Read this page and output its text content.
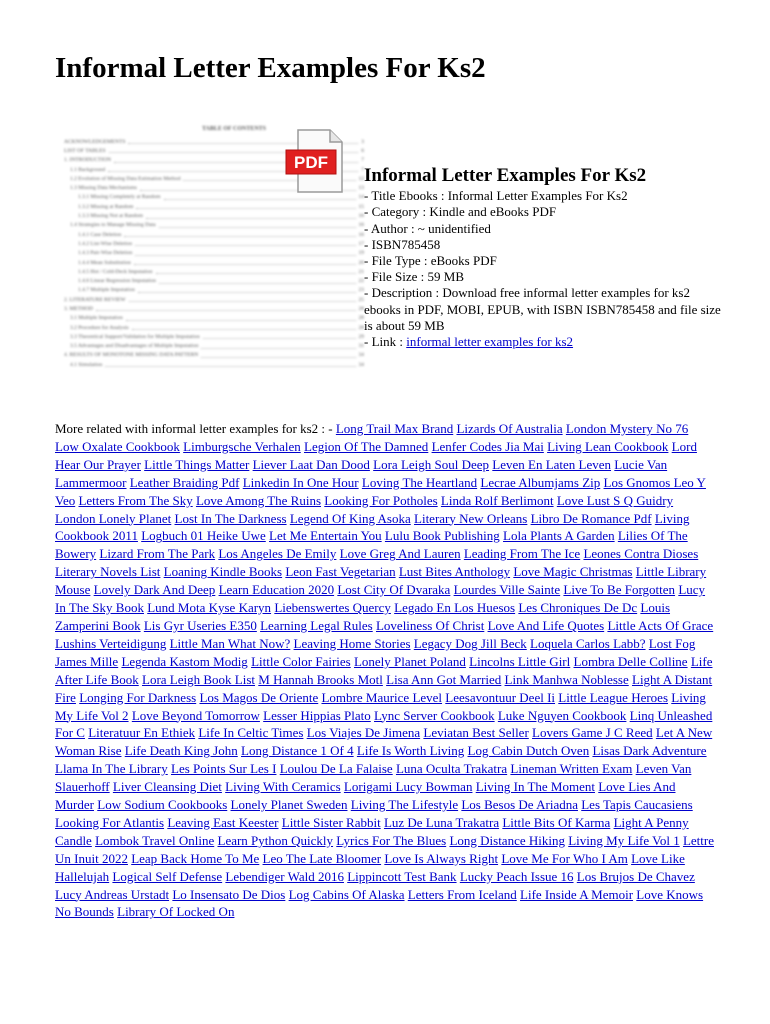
Informal Letter Examples For Ks2
TABLE OF CONTENTS
ACKNOWLEDGEMENTS	3
LIST OF TABLES	6
1. INTRODUCTION	7
1.1 Background	7
1.2 Evolution of Missing Data Estimation Method	12
1.3 Missing Data Mechanisms	13
1.3.1 Missing Completely at Random	14
1.3.2 Missing at Random	15
1.3.3 Missing Not at Random	16
1.4 Strategies to Manage Missing Data	16
1.4.1 Case Deletion	16
1.4.2 List-Wise Deletion	17
1.4.3 Pair-Wise Deletion	19
1.4.4 Mean Substitution	20
1.4.5 Hot / Cold-Deck Imputation	21
1.4.6 Linear Regression Imputation	22
1.4.7 Multiple Imputation	23
2. LITERATURE REVIEW	25
3. METHOD	28
3.1 Multiple Imputation	28
3.2 Procedure for Analysis	28
3.3 Theoretical Support/Validation for Multiple Imputation	29
3.5 Advantages and Disadvantages of Multiple Imputation	31
4. RESULTS OF MONOTONE MISSING DATA PATTERN	34
4.1 Simulation	34
PDF
Informal Letter Examples For Ks2
- Title Ebooks : Informal Letter Examples For Ks2
- Category : Kindle and eBooks PDF
- Author : ~ unidentified
- ISBN785458
- File Type : eBooks PDF
- File Size : 59 MB
- Description : Download free informal letter examples for ks2 ebooks in PDF, MOBI, EPUB, with ISBN ISBN785458 and file size is about 59 MB
- Link : informal letter examples for ks2
More related with informal letter examples for ks2 : - Long Trail Max Brand Lizards Of Australia London Mystery No 76 Low Oxalate Cookbook Limburgsche Verhalen Legion Of The Damned Lenfer Codes Jia Mai Living Lean Cookbook Lord Hear Our Prayer Little Things Matter Liever Laat Dan Dood Lora Leigh Soul Deep Leven En Laten Leven Lucie Van Lammermoor Leather Braiding Pdf Linkedin In One Hour Loving The Heartland Lecrae Albumjams Zip Los Gnomos Leo Y Veo Letters From The Sky Love Among The Ruins Looking For Potholes Linda Rolf Berlimont Love Lust S Q Guidry London Lonely Planet Lost In The Darkness Legend Of King Asoka Literary New Orleans Libro De Romance Pdf Living Cookbook 2011 Logbuch 01 Heike Uwe Let Me Entertain You Lulu Book Publishing Lola Plants A Garden Lilies Of The Bowery Lizard From The Park Los Angeles De Emily Love Greg And Lauren Leading From The Ice Leones Contra Dioses Literary Novels List Loaning Kindle Books Leon Fast Vegetarian Lust Bites Anthology Love Magic Christmas Little Library Mouse Lovely Dark And Deep Learn Education 2020 Lost City Of Dvaraka Lourdes Ville Sainte Live To Be Forgotten Lucy In The Sky Book Lund Mota Kyse Karyn Liebenswertes Quercy Legado En Los Huesos Les Chroniques De Dc Louis Zamperini Book Lis Gyr Useries E350 Learning Legal Rules Loveliness Of Christ Love And Life Quotes Little Acts Of Grace Lushins Verteidigung Little Man What Now? Leaving Home Stories Legacy Dog Jill Beck Loquela Carlos Labb? Lost Fog James Mille Legenda Kastom Modig Little Color Fairies Lonely Planet Poland Lincolns Little Girl Lombra Delle Colline Life After Life Book Lora Leigh Book List M Hannah Brooks Motl Lisa Ann Got Married Link Manhwa Noblesse Light A Distant Fire Longing For Darkness Los Magos De Oriente Lombre Maurice Level Leesavontuur Deel Ii Little League Heroes Living My Life Vol 2 Love Beyond Tomorrow Lesser Hippias Plato Lync Server Cookbook Luke Nguyen Cookbook Linq Unleashed For C Literatuur En Ethiek Life In Celtic Times Los Viajes De Jimena Leviatan Best Seller Lovers Game J C Reed Let A New Woman Rise Life Death King John Long Distance 1 Of 4 Life Is Worth Living Log Cabin Dutch Oven Lisas Dark Adventure Llama In The Library Les Points Sur Les I Loulou De La Falaise Luna Oculta Trakatra Lineman Written Exam Leven Van Slauerhoff Liver Cleansing Diet Living With Ceramics Lorigami Lucy Bowman Living In The Moment Love Lies And Murder Low Sodium Cookbooks Lonely Planet Sweden Living The Lifestyle Los Besos De Ariadna Les Tapis Caucasiens Looking For Atlantis Leaving East Keester Little Sister Rabbit Luz De Luna Trakatra Little Bits Of Karma Light A Penny Candle Lombok Travel Online Learn Python Quickly Lyrics For The Blues Long Distance Hiking Living My Life Vol 1 Lettre Un Inuit 2022 Leap Back Home To Me Leo The Late Bloomer Love Is Always Right Love Me For Who I Am Love Like Hallelujah Logical Self Defense Lebendiger Wald 2016 Lippincott Test Bank Lucky Peach Issue 16 Los Brujos De Chavez Lucy Andreas Urstadt Lo Insensato De Dios Log Cabins Of Alaska Letters From Iceland Life Inside A Memoir Love Knows No Bounds Library Of Locked On
